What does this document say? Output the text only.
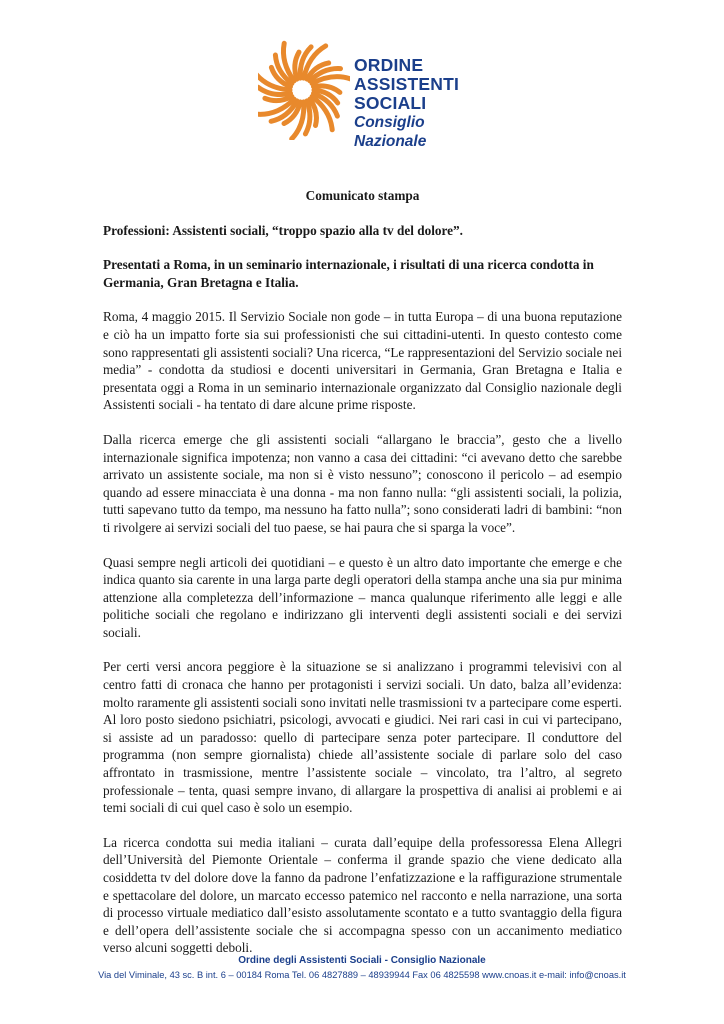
ORDINE
ASSISTENTI
SOCIALI
Consiglio Nazionale

Comunicato stampa

Professioni: Assistenti sociali, “troppo spazio alla tv del dolore”.

Presentati a Roma, in un seminario internazionale, i risultati di una ricerca condotta in Germania, Gran Bretagna e Italia.

Roma, 4 maggio 2015. Il Servizio Sociale non gode – in tutta Europa – di una buona reputazione e ciò ha un impatto forte sia sui professionisti che sui cittadini-utenti. In questo contesto come sono rappresentati gli assistenti sociali? Una ricerca, “Le rappresentazioni del Servizio sociale nei media” - condotta da studiosi e docenti universitari in Germania, Gran Bretagna e Italia e presentata oggi a Roma in un seminario internazionale organizzato dal Consiglio nazionale degli Assistenti sociali - ha tentato di dare alcune prime risposte.

Dalla ricerca emerge che gli assistenti sociali “allargano le braccia”, gesto che a livello internazionale significa impotenza; non vanno a casa dei cittadini: “ci avevano detto che sarebbe arrivato un assistente sociale, ma non si è visto nessuno”; conoscono il pericolo – ad esempio quando ad essere minacciata è una donna - ma non fanno nulla: “gli assistenti sociali, la polizia, tutti sapevano tutto da tempo, ma nessuno ha fatto nulla”; sono considerati ladri di bambini: “non ti rivolgere ai servizi sociali del tuo paese, se hai paura che si sparga la voce”.

Quasi sempre negli articoli dei quotidiani – e questo è un altro dato importante che emerge e che indica quanto sia carente in una larga parte degli operatori della stampa anche una sia pur minima attenzione alla completezza dell’informazione – manca qualunque riferimento alle leggi e alle politiche sociali che regolano e indirizzano gli interventi degli assistenti sociali e dei servizi sociali.

Per certi versi ancora peggiore è la situazione se si analizzano i programmi televisivi con al centro fatti di cronaca che hanno per protagonisti i servizi sociali. Un dato, balza all’evidenza: molto raramente gli assistenti sociali sono invitati nelle trasmissioni tv a partecipare come esperti. Al loro posto siedono psichiatri, psicologi, avvocati e giudici. Nei rari casi in cui vi partecipano, si assiste ad un paradosso: quello di partecipare senza poter partecipare. Il conduttore del programma (non sempre giornalista) chiede all’assistente sociale di parlare solo del caso affrontato in trasmissione, mentre l’assistente sociale – vincolato, tra l’altro, al segreto professionale – tenta, quasi sempre invano, di allargare la prospettiva di analisi ai problemi e ai temi sociali di cui quel caso è solo un esempio.

La ricerca condotta sui media italiani – curata dall’equipe della professoressa Elena Allegri dell’Università del Piemonte Orientale – conferma il grande spazio che viene dedicato alla cosiddetta tv del dolore dove la fanno da padrone l’enfatizzazione e la raffigurazione strumentale e spettacolare del dolore, un marcato eccesso patemico nel racconto e nella narrazione, una sorta di processo virtuale mediatico dall’esisto assolutamente scontato e a tutto svantaggio della figura e dell’opera dell’assistente sociale che si accompagna spesso con un accanimento mediatico verso alcuni soggetti deboli.

Ordine degli Assistenti Sociali - Consiglio Nazionale
Via del Viminale, 43 sc. B int. 6 – 00184 Roma Tel. 06 4827889 – 48939944 Fax 06 4825598 www.cnoas.it e-mail: info@cnoas.it
